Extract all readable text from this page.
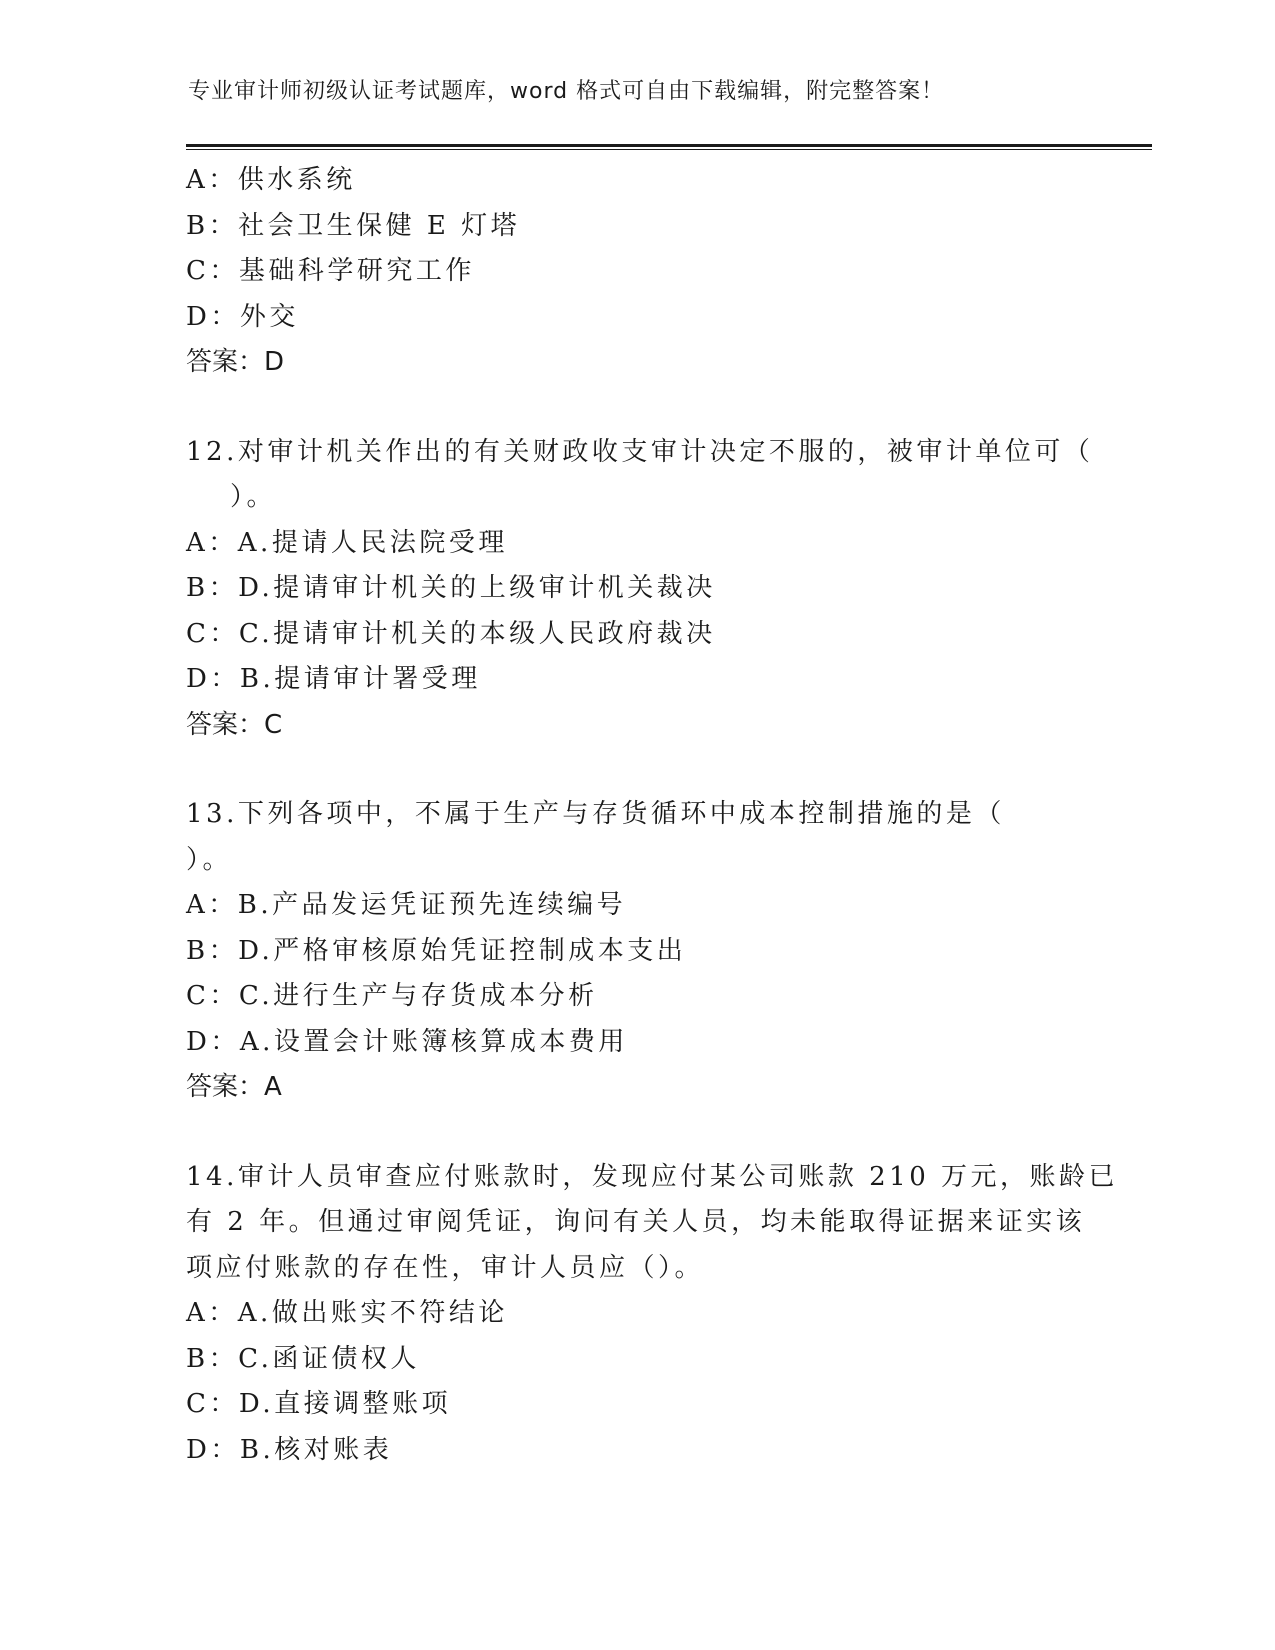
专业审计师初级认证考试题库，word 格式可自由下载编辑，附完整答案！
A：供水系统
B：社会卫生保健 E 灯塔
C：基础科学研究工作
D：外交
答案：D
12.对审计机关作出的有关财政收支审计决定不服的，被审计单位可（
）。
A：A.提请人民法院受理
B：D.提请审计机关的上级审计机关裁决
C：C.提请审计机关的本级人民政府裁决
D：B.提请审计署受理
答案：C
13.下列各项中，不属于生产与存货循环中成本控制措施的是（
）。
A：B.产品发运凭证预先连续编号
B：D.严格审核原始凭证控制成本支出
C：C.进行生产与存货成本分析
D：A.设置会计账簿核算成本费用
答案：A
14.审计人员审查应付账款时，发现应付某公司账款 210 万元，账龄已
有 2 年。但通过审阅凭证，询问有关人员，均未能取得证据来证实该
项应付账款的存在性，审计人员应（）。
A：A.做出账实不符结论
B：C.函证债权人
C：D.直接调整账项
D：B.核对账表
